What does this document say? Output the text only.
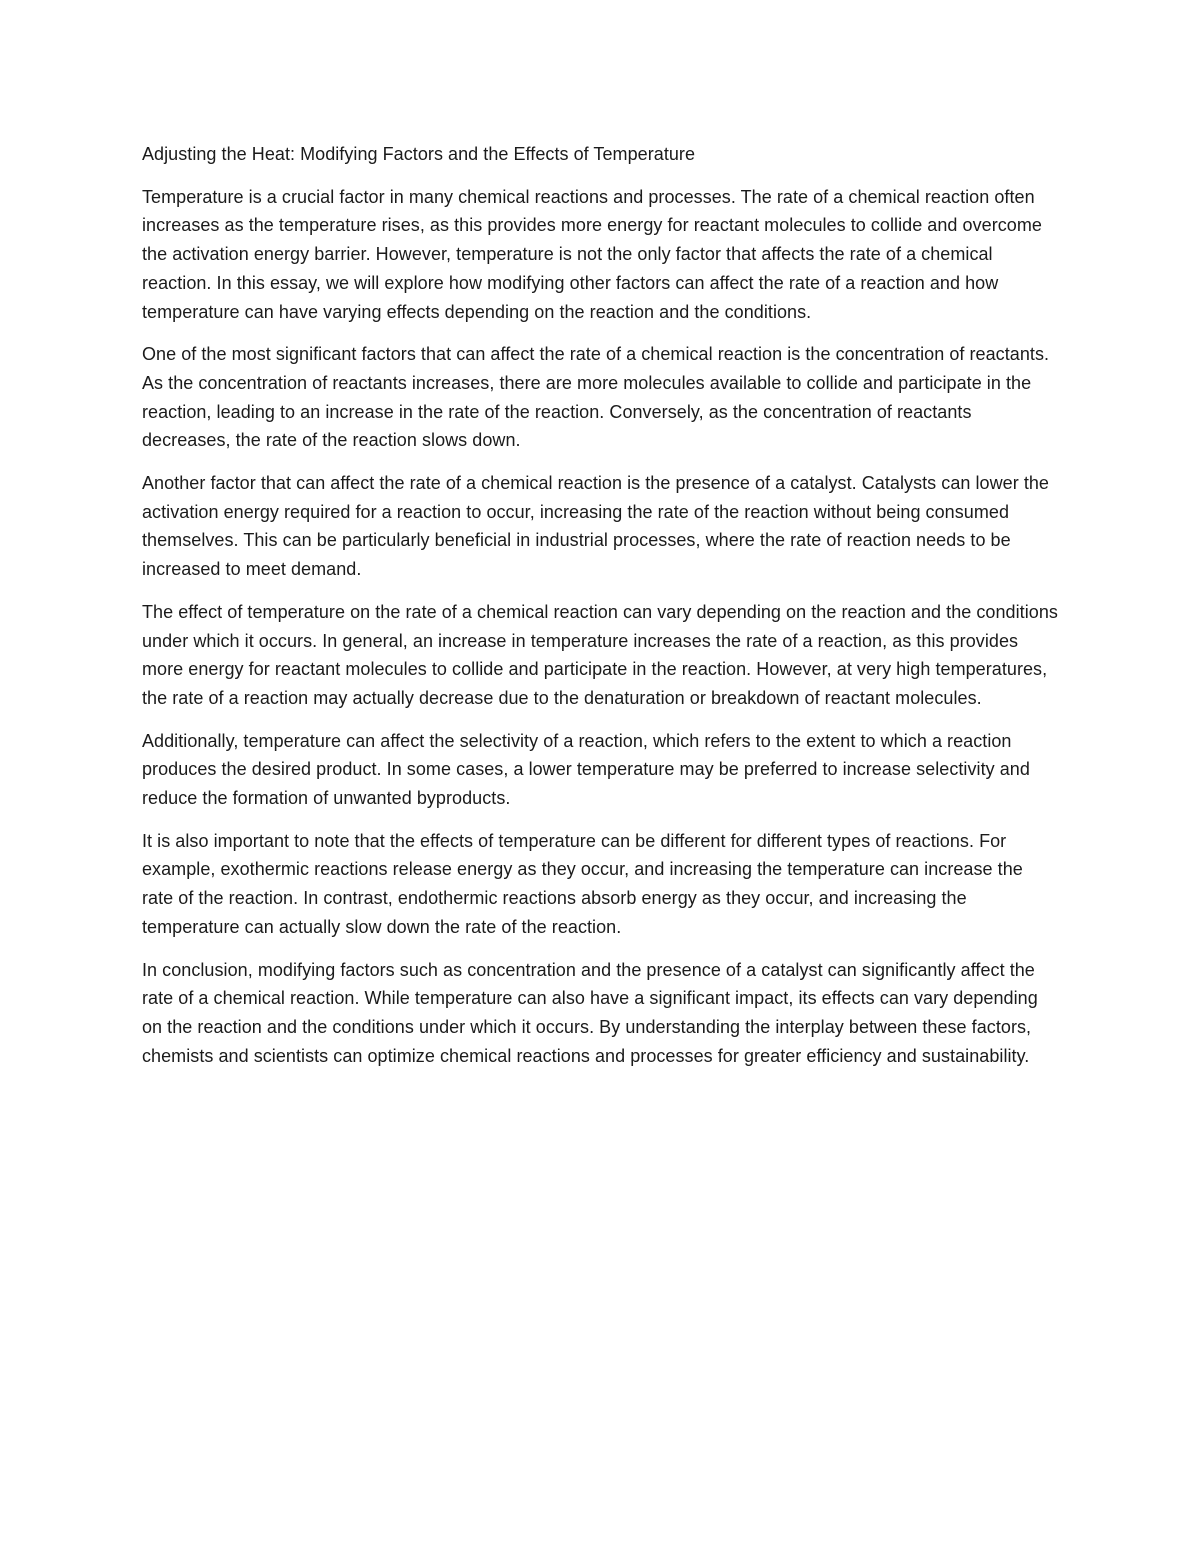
Adjusting the Heat: Modifying Factors and the Effects of Temperature

Temperature is a crucial factor in many chemical reactions and processes. The rate of a chemical reaction often increases as the temperature rises, as this provides more energy for reactant molecules to collide and overcome the activation energy barrier. However, temperature is not the only factor that affects the rate of a chemical reaction. In this essay, we will explore how modifying other factors can affect the rate of a reaction and how temperature can have varying effects depending on the reaction and the conditions.

One of the most significant factors that can affect the rate of a chemical reaction is the concentration of reactants. As the concentration of reactants increases, there are more molecules available to collide and participate in the reaction, leading to an increase in the rate of the reaction. Conversely, as the concentration of reactants decreases, the rate of the reaction slows down.

Another factor that can affect the rate of a chemical reaction is the presence of a catalyst. Catalysts can lower the activation energy required for a reaction to occur, increasing the rate of the reaction without being consumed themselves. This can be particularly beneficial in industrial processes, where the rate of reaction needs to be increased to meet demand.

The effect of temperature on the rate of a chemical reaction can vary depending on the reaction and the conditions under which it occurs. In general, an increase in temperature increases the rate of a reaction, as this provides more energy for reactant molecules to collide and participate in the reaction. However, at very high temperatures, the rate of a reaction may actually decrease due to the denaturation or breakdown of reactant molecules.

Additionally, temperature can affect the selectivity of a reaction, which refers to the extent to which a reaction produces the desired product. In some cases, a lower temperature may be preferred to increase selectivity and reduce the formation of unwanted byproducts.

It is also important to note that the effects of temperature can be different for different types of reactions. For example, exothermic reactions release energy as they occur, and increasing the temperature can increase the rate of the reaction. In contrast, endothermic reactions absorb energy as they occur, and increasing the temperature can actually slow down the rate of the reaction.

In conclusion, modifying factors such as concentration and the presence of a catalyst can significantly affect the rate of a chemical reaction. While temperature can also have a significant impact, its effects can vary depending on the reaction and the conditions under which it occurs. By understanding the interplay between these factors, chemists and scientists can optimize chemical reactions and processes for greater efficiency and sustainability.
